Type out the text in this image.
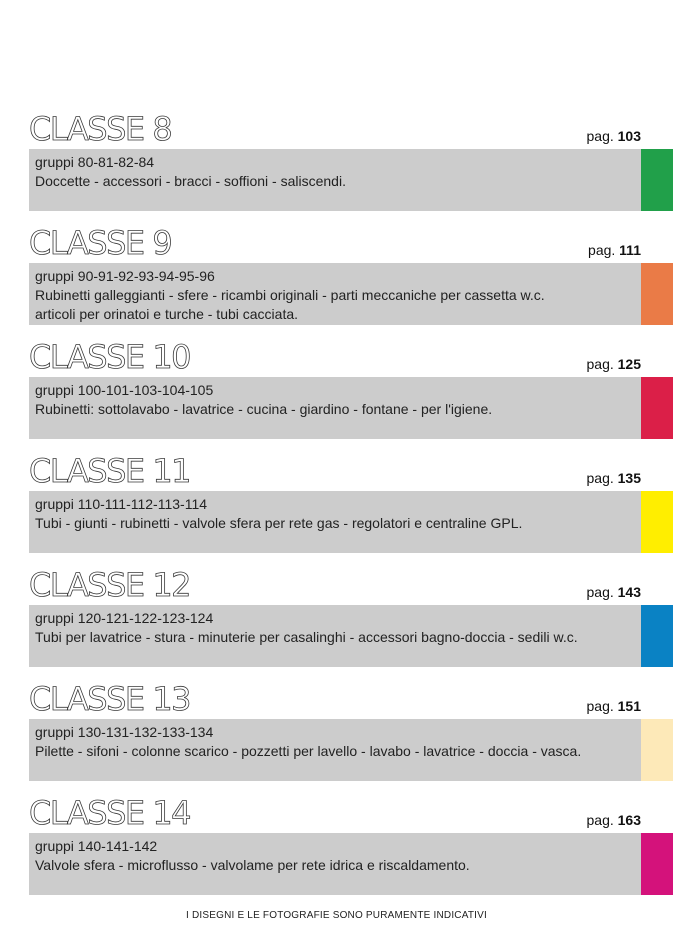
CLASSE 8	pag. 103
gruppi 80-81-82-84
Doccette - accessori - bracci - soffioni - saliscendi.
CLASSE 9	pag. 111
gruppi 90-91-92-93-94-95-96
Rubinetti galleggianti - sfere - ricambi originali - parti meccaniche per cassetta w.c.
articoli per orinatoi e turche - tubi cacciata.
CLASSE 10	pag. 125
gruppi 100-101-103-104-105
Rubinetti: sottolavabo - lavatrice - cucina - giardino - fontane - per l'igiene.
CLASSE 11	pag. 135
gruppi 110-111-112-113-114
Tubi - giunti - rubinetti - valvole sfera per rete gas - regolatori e centraline GPL.
CLASSE 12	pag. 143
gruppi 120-121-122-123-124
Tubi per lavatrice - stura - minuterie per casalinghi - accessori bagno-doccia - sedili w.c.
CLASSE 13	pag. 151
gruppi 130-131-132-133-134
Pilette - sifoni - colonne scarico - pozzetti per lavello - lavabo - lavatrice - doccia - vasca.
CLASSE 14	pag. 163
gruppi 140-141-142
Valvole sfera - microflusso - valvolame per rete idrica e riscaldamento.
I DISEGNI E LE FOTOGRAFIE SONO PURAMENTE INDICATIVI
